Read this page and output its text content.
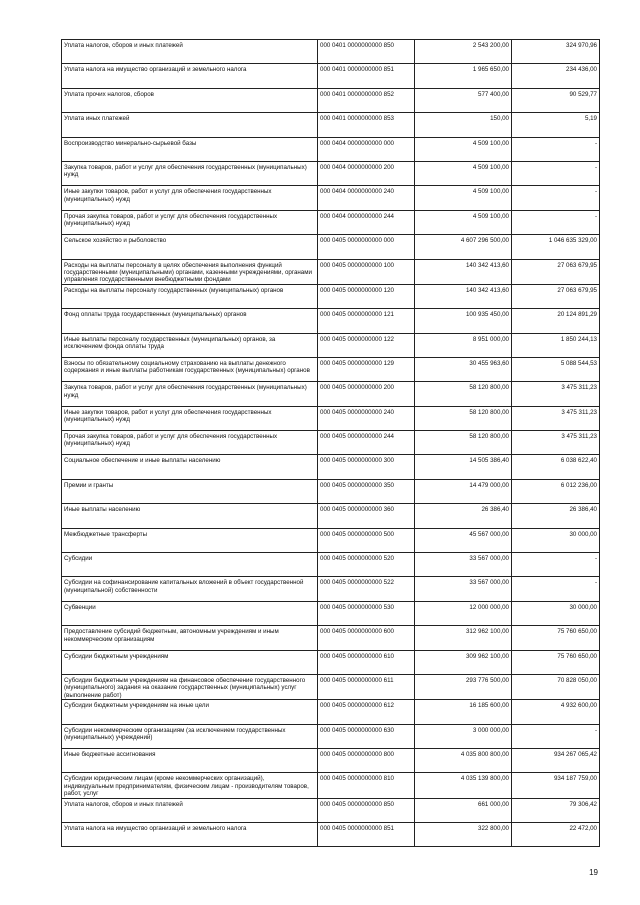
Уплата налогов, сборов и иных платежей	000 0401 0000000000 850	2 543 200,00	324 970,96
Уплата налога на имущество организаций и земельного налога	000 0401 0000000000 851	1 965 650,00	234 436,00
Уплата прочих налогов, сборов	000 0401 0000000000 852	577 400,00	90 529,77
Уплата иных платежей	000 0401 0000000000 853	150,00	5,19
Воспроизводство минерально-сырьевой базы	000 0404 0000000000 000	4 509 100,00	-
Закупка товаров, работ и услуг для обеспечения государственных (муниципальных) нужд	000 0404 0000000000 200	4 509 100,00	-
Иные закупки товаров, работ и услуг для обеспечения государственных (муниципальных) нужд	000 0404 0000000000 240	4 509 100,00	-
Прочая закупка товаров, работ и услуг для обеспечения государственных (муниципальных) нужд	000 0404 0000000000 244	4 509 100,00	-
Сельское хозяйство и рыболовство	000 0405 0000000000 000	4 607 296 500,00	1 046 635 329,00
Расходы на выплаты персоналу в целях обеспечения выполнения функций государственными (муниципальными) органами, казенными учреждениями, органами управления государственными внебюджетными фондами	000 0405 0000000000 100	140 342 413,60	27 063 679,95
Расходы на выплаты персоналу государственных (муниципальных) органов	000 0405 0000000000 120	140 342 413,60	27 063 679,95
Фонд оплаты труда государственных (муниципальных) органов	000 0405 0000000000 121	100 935 450,00	20 124 891,29
Иные выплаты персоналу государственных (муниципальных) органов, за исключением фонда оплаты труда	000 0405 0000000000 122	8 951 000,00	1 850 244,13
Взносы по обязательному социальному страхованию на выплаты денежного содержания и иные выплаты работникам государственных (муниципальных) органов	000 0405 0000000000 129	30 455 963,60	5 088 544,53
Закупка товаров, работ и услуг для обеспечения государственных (муниципальных) нужд	000 0405 0000000000 200	58 120 800,00	3 475 311,23
Иные закупки товаров, работ и услуг для обеспечения государственных (муниципальных) нужд	000 0405 0000000000 240	58 120 800,00	3 475 311,23
Прочая закупка товаров, работ и услуг для обеспечения государственных (муниципальных) нужд	000 0405 0000000000 244	58 120 800,00	3 475 311,23
Социальное обеспечение и иные выплаты населению	000 0405 0000000000 300	14 505 386,40	6 038 622,40
Премии и гранты	000 0405 0000000000 350	14 479 000,00	6 012 236,00
Иные выплаты населению	000 0405 0000000000 360	26 386,40	26 386,40
Межбюджетные трансферты	000 0405 0000000000 500	45 567 000,00	30 000,00
Субсидии	000 0405 0000000000 520	33 567 000,00	-
Субсидии на софинансирование капитальных вложений в объект государственной (муниципальной) собственности	000 0405 0000000000 522	33 567 000,00	-
Субвенции	000 0405 0000000000 530	12 000 000,00	30 000,00
Предоставление субсидий бюджетным, автономным учреждениям и иным некоммерческим организациям	000 0405 0000000000 600	312 962 100,00	75 760 650,00
Субсидии бюджетным учреждениям	000 0405 0000000000 610	309 962 100,00	75 760 650,00
Субсидии бюджетным учреждениям на финансовое обеспечение государственного (муниципального) задания на оказание государственных (муниципальных) услуг (выполнение работ)	000 0405 0000000000 611	293 776 500,00	70 828 050,00
Субсидии бюджетным учреждениям на иные цели	000 0405 0000000000 612	16 185 600,00	4 932 600,00
Субсидии некоммерческим организациям (за исключением государственных (муниципальных) учреждений)	000 0405 0000000000 630	3 000 000,00	-
Иные бюджетные ассигнования	000 0405 0000000000 800	4 035 800 800,00	934 267 065,42
Субсидии юридическим лицам (кроме некоммерческих организаций), индивидуальным предпринимателям, физическим лицам - производителям товаров, работ, услуг	000 0405 0000000000 810	4 035 139 800,00	934 187 759,00
Уплата налогов, сборов и иных платежей	000 0405 0000000000 850	661 000,00	79 306,42
Уплата налога на имущество организаций и земельного налога	000 0405 0000000000 851	322 800,00	22 472,00
19
